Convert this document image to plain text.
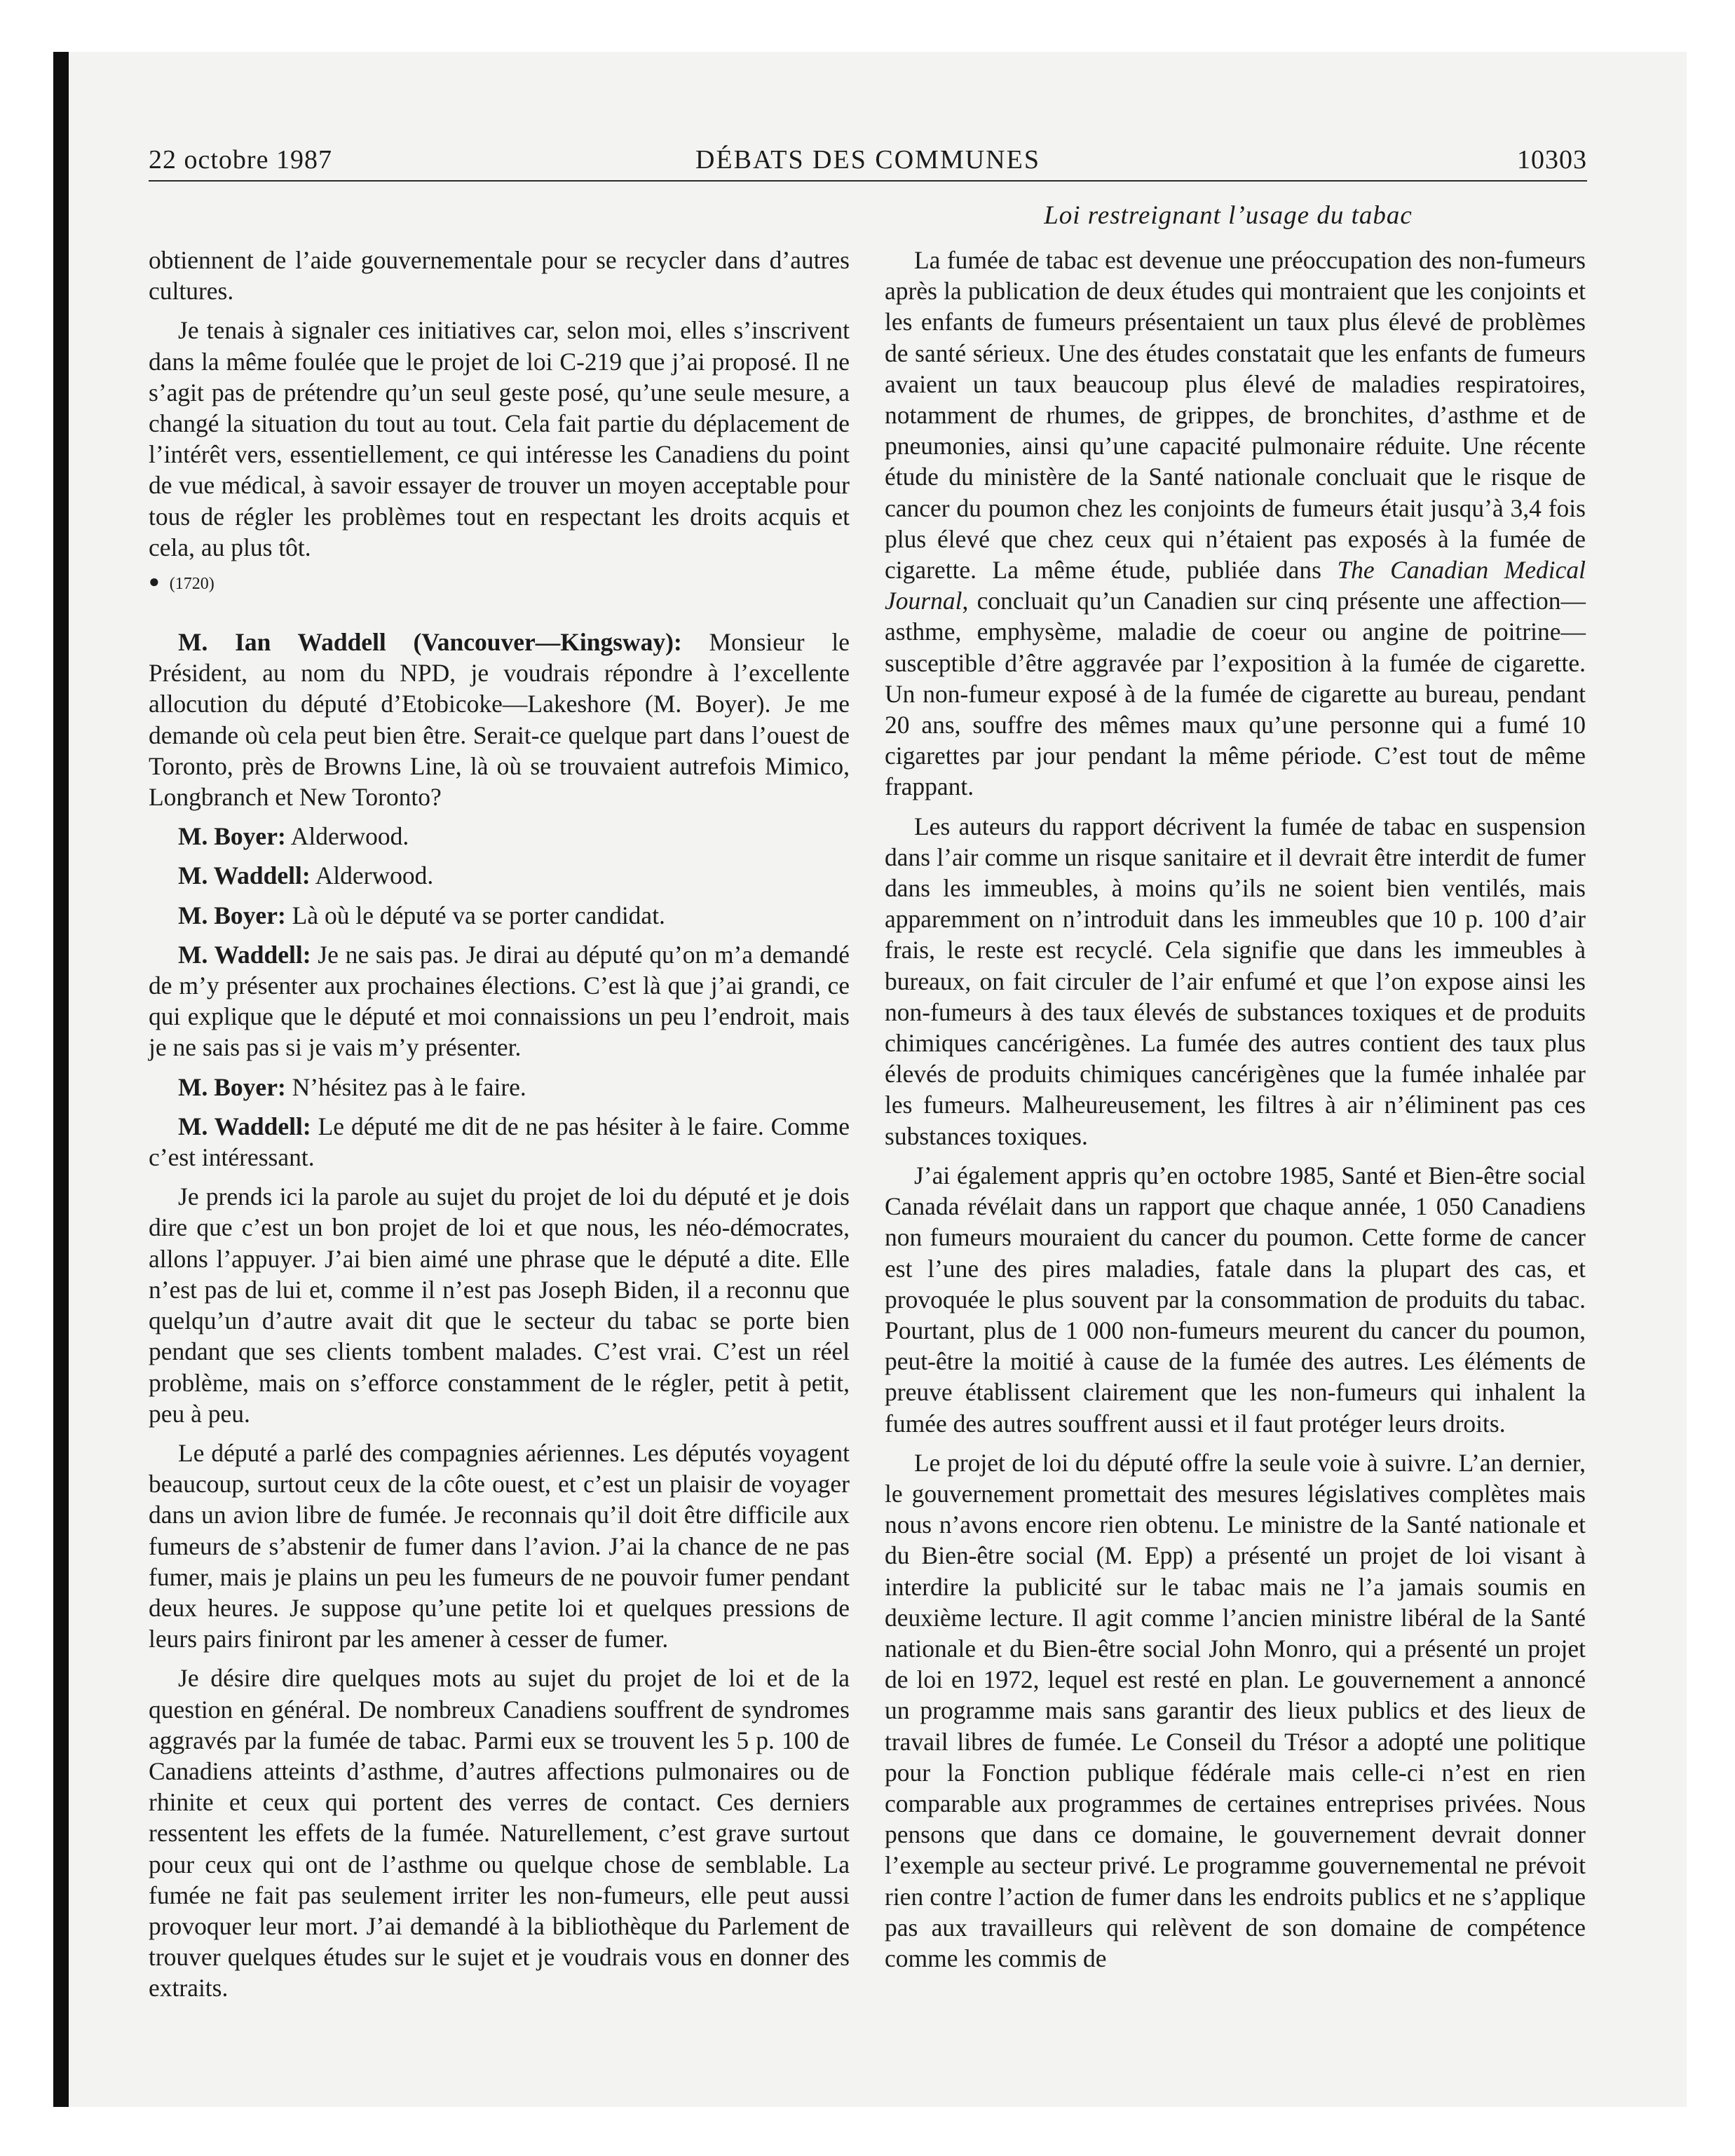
22 octobre 1987	DÉBATS DES COMMUNES	10303
Loi restreignant l’usage du tabac

obtiennent de l’aide gouvernementale pour se recycler dans d’autres cultures.

Je tenais à signaler ces initiatives car, selon moi, elles s’inscrivent dans la même foulée que le projet de loi C-219 que j’ai proposé. Il ne s’agit pas de prétendre qu’un seul geste posé, qu’une seule mesure, a changé la situation du tout au tout. Cela fait partie du déplacement de l’intérêt vers, essentiellement, ce qui intéresse les Canadiens du point de vue médical, à savoir essayer de trouver un moyen acceptable pour tous de régler les problèmes tout en respectant les droits acquis et cela, au plus tôt.

● (1720)

M. Ian Waddell (Vancouver—Kingsway): Monsieur le Président, au nom du NPD, je voudrais répondre à l’excellente allocution du député d’Etobicoke—Lakeshore (M. Boyer). Je me demande où cela peut bien être. Serait-ce quelque part dans l’ouest de Toronto, près de Browns Line, là où se trouvaient autrefois Mimico, Longbranch et New Toronto?

M. Boyer: Alderwood.

M. Waddell: Alderwood.

M. Boyer: Là où le député va se porter candidat.

M. Waddell: Je ne sais pas. Je dirai au député qu’on m’a demandé de m’y présenter aux prochaines élections. C’est là que j’ai grandi, ce qui explique que le député et moi connaissions un peu l’endroit, mais je ne sais pas si je vais m’y présenter.

M. Boyer: N’hésitez pas à le faire.

M. Waddell: Le député me dit de ne pas hésiter à le faire. Comme c’est intéressant.

Je prends ici la parole au sujet du projet de loi du député et je dois dire que c’est un bon projet de loi et que nous, les néo-démocrates, allons l’appuyer. J’ai bien aimé une phrase que le député a dite. Elle n’est pas de lui et, comme il n’est pas Joseph Biden, il a reconnu que quelqu’un d’autre avait dit que le secteur du tabac se porte bien pendant que ses clients tombent malades. C’est vrai. C’est un réel problème, mais on s’efforce constamment de le régler, petit à petit, peu à peu.

Le député a parlé des compagnies aériennes. Les députés voyagent beaucoup, surtout ceux de la côte ouest, et c’est un plaisir de voyager dans un avion libre de fumée. Je reconnais qu’il doit être difficile aux fumeurs de s’abstenir de fumer dans l’avion. J’ai la chance de ne pas fumer, mais je plains un peu les fumeurs de ne pouvoir fumer pendant deux heures. Je suppose qu’une petite loi et quelques pressions de leurs pairs finiront par les amener à cesser de fumer.

Je désire dire quelques mots au sujet du projet de loi et de la question en général. De nombreux Canadiens souffrent de syndromes aggravés par la fumée de tabac. Parmi eux se trouvent les 5 p. 100 de Canadiens atteints d’asthme, d’autres affections pulmonaires ou de rhinite et ceux qui portent des verres de contact. Ces derniers ressentent les effets de la fumée. Naturellement, c’est grave surtout pour ceux qui ont de l’asthme ou quelque chose de semblable. La fumée ne fait pas seulement irriter les non-fumeurs, elle peut aussi provoquer leur mort. J’ai demandé à la bibliothèque du Parlement de trouver quelques études sur le sujet et je voudrais vous en donner des extraits.

La fumée de tabac est devenue une préoccupation des non-fumeurs après la publication de deux études qui montraient que les conjoints et les enfants de fumeurs présentaient un taux plus élevé de problèmes de santé sérieux. Une des études constatait que les enfants de fumeurs avaient un taux beaucoup plus élevé de maladies respiratoires, notamment de rhumes, de grippes, de bronchites, d’asthme et de pneumonies, ainsi qu’une capacité pulmonaire réduite. Une récente étude du ministère de la Santé nationale concluait que le risque de cancer du poumon chez les conjoints de fumeurs était jusqu’à 3,4 fois plus élevé que chez ceux qui n’étaient pas exposés à la fumée de cigarette. La même étude, publiée dans The Canadian Medical Journal, concluait qu’un Canadien sur cinq présente une affection—asthme, emphysème, maladie de coeur ou angine de poitrine—susceptible d’être aggravée par l’exposition à la fumée de cigarette. Un non-fumeur exposé à de la fumée de cigarette au bureau, pendant 20 ans, souffre des mêmes maux qu’une personne qui a fumé 10 cigarettes par jour pendant la même période. C’est tout de même frappant.

Les auteurs du rapport décrivent la fumée de tabac en suspension dans l’air comme un risque sanitaire et il devrait être interdit de fumer dans les immeubles, à moins qu’ils ne soient bien ventilés, mais apparemment on n’introduit dans les immeubles que 10 p. 100 d’air frais, le reste est recyclé. Cela signifie que dans les immeubles à bureaux, on fait circuler de l’air enfumé et que l’on expose ainsi les non-fumeurs à des taux élevés de substances toxiques et de produits chimiques cancérigènes. La fumée des autres contient des taux plus élevés de produits chimiques cancérigènes que la fumée inhalée par les fumeurs. Malheureusement, les filtres à air n’éliminent pas ces substances toxiques.

J’ai également appris qu’en octobre 1985, Santé et Bien-être social Canada révélait dans un rapport que chaque année, 1 050 Canadiens non fumeurs mouraient du cancer du poumon. Cette forme de cancer est l’une des pires maladies, fatale dans la plupart des cas, et provoquée le plus souvent par la consommation de produits du tabac. Pourtant, plus de 1 000 non-fumeurs meurent du cancer du poumon, peut-être la moitié à cause de la fumée des autres. Les éléments de preuve établissent clairement que les non-fumeurs qui inhalent la fumée des autres souffrent aussi et il faut protéger leurs droits.

Le projet de loi du député offre la seule voie à suivre. L’an dernier, le gouvernement promettait des mesures législatives complètes mais nous n’avons encore rien obtenu. Le ministre de la Santé nationale et du Bien-être social (M. Epp) a présenté un projet de loi visant à interdire la publicité sur le tabac mais ne l’a jamais soumis en deuxième lecture. Il agit comme l’ancien ministre libéral de la Santé nationale et du Bien-être social John Monro, qui a présenté un projet de loi en 1972, lequel est resté en plan. Le gouvernement a annoncé un programme mais sans garantir des lieux publics et des lieux de travail libres de fumée. Le Conseil du Trésor a adopté une politique pour la Fonction publique fédérale mais celle-ci n’est en rien comparable aux programmes de certaines entreprises privées. Nous pensons que dans ce domaine, le gouvernement devrait donner l’exemple au secteur privé. Le programme gouvernemental ne prévoit rien contre l’action de fumer dans les endroits publics et ne s’applique pas aux travailleurs qui relèvent de son domaine de compétence comme les commis de
